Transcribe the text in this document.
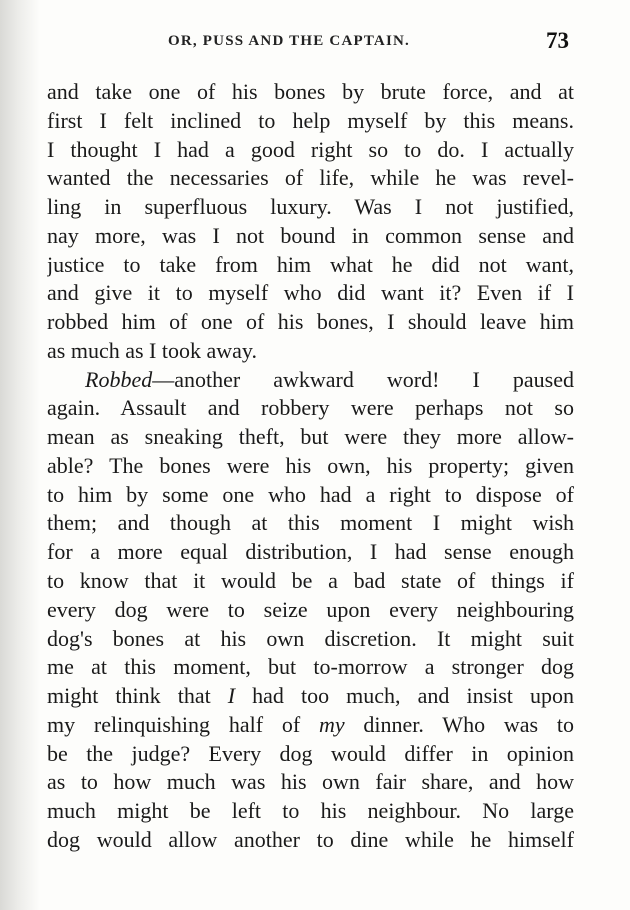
OR, PUSS AND THE CAPTAIN.	73
and take one of his bones by brute force, and at
first I felt inclined to help myself by this means.
I thought I had a good right so to do. I actually
wanted the necessaries of life, while he was revel-
ling in superfluous luxury. Was I not justified,
nay more, was I not bound in common sense and
justice to take from him what he did not want,
and give it to myself who did want it? Even if I
robbed him of one of his bones, I should leave him
as much as I took away.
Robbed—another awkward word! I paused
again. Assault and robbery were perhaps not so
mean as sneaking theft, but were they more allow-
able? The bones were his own, his property; given
to him by some one who had a right to dispose of
them; and though at this moment I might wish
for a more equal distribution, I had sense enough
to know that it would be a bad state of things if
every dog were to seize upon every neighbouring
dog's bones at his own discretion. It might suit
me at this moment, but to-morrow a stronger dog
might think that I had too much, and insist upon
my relinquishing half of my dinner. Who was to
be the judge? Every dog would differ in opinion
as to how much was his own fair share, and how
much might be left to his neighbour. No large
dog would allow another to dine while he himself
